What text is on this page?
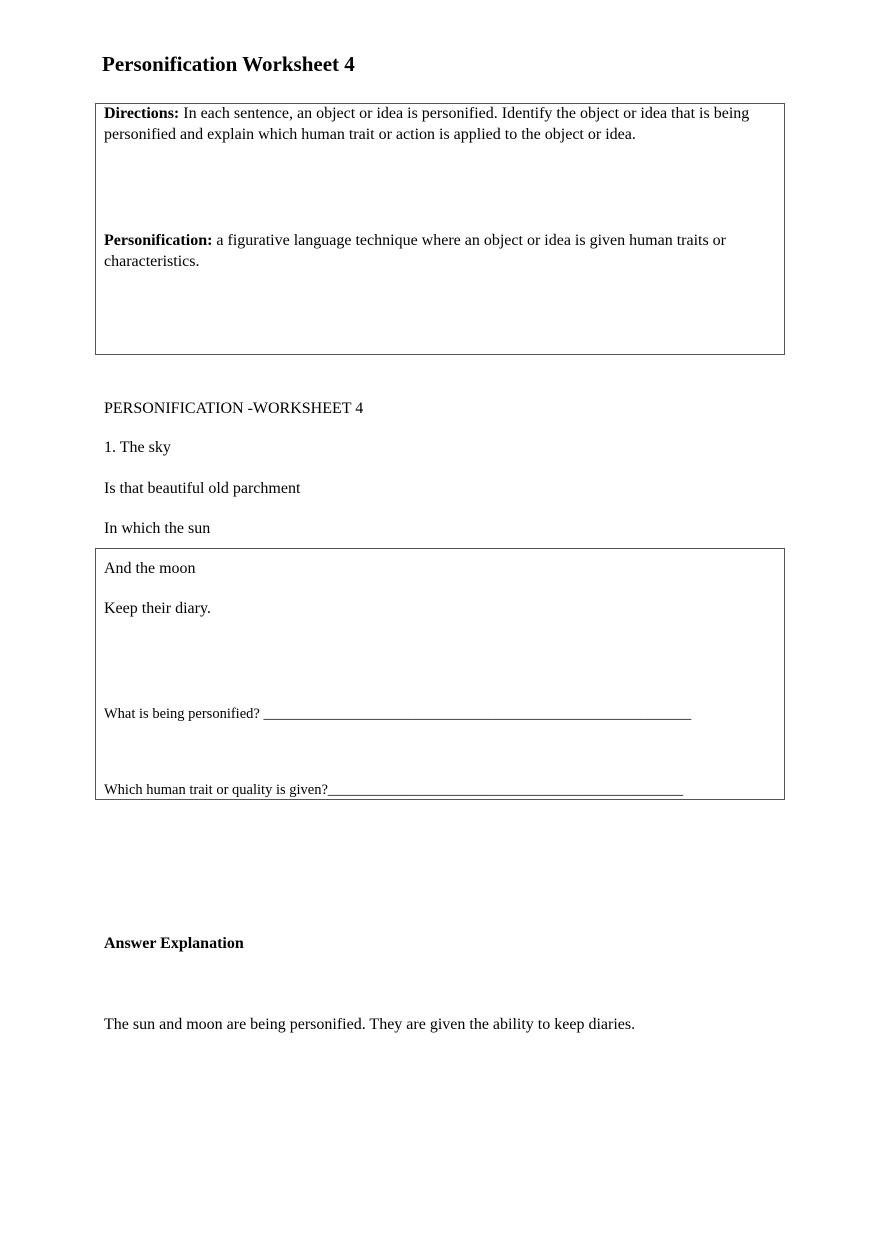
Personification Worksheet 4
Directions: In each sentence, an object or idea is personified. Identify the object or idea that is being personified and explain which human trait or action is applied to the object or idea.
Personification: a figurative language technique where an object or idea is given human traits or characteristics.
PERSONIFICATION -WORKSHEET 4
1. The sky
Is that beautiful old parchment
In which the sun
And the moon
Keep their diary.
What is being personified? ___________________________________________________________
Which human trait or quality is given?_________________________________________________
Answer Explanation
The sun and moon are being personified. They are given the ability to keep diaries.
